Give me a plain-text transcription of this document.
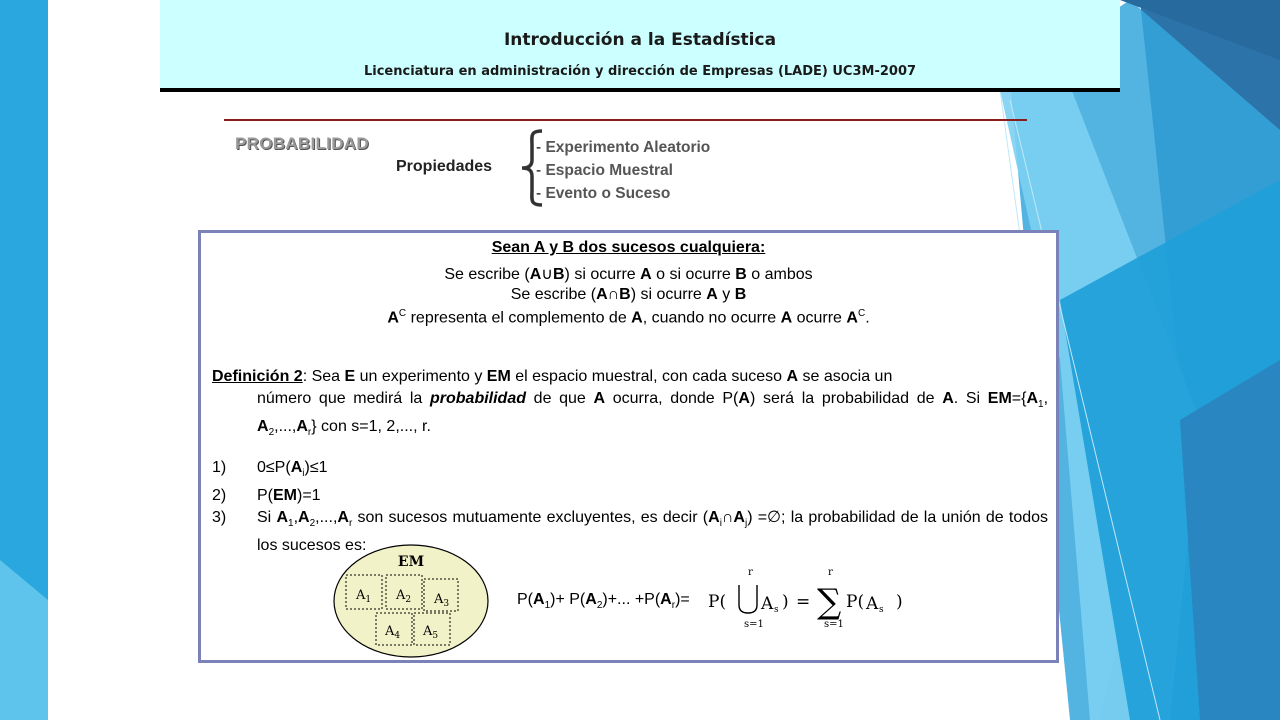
Introducción a la Estadística
Licenciatura en administración y dirección de Empresas (LADE) UC3M-2007
PROBABILIDAD
Propiedades
- Experimento Aleatorio
- Espacio Muestral
- Evento o Suceso
Sean A y B dos sucesos cualquiera:
Se escribe (A∪B) si ocurre A o si ocurre B o ambos
Se escribe (A∩B) si ocurre A y B
$A^C$ representa el complemento de A, cuando no ocurre A ocurre $A^C$.
Definición 2: Sea E un experimento y EM el espacio muestral, con cada suceso A se asocia un
número que medirá la probabilidad de que A ocurra, donde P(A) será la probabilidad de A. Si $EM=\{A_1$, $A_2,...,A_r$} con s=1, 2,..., r.
1) $0\le P(A_i)\le 1$
2) P(EM)=1
3) Si $A_1,A_2,...,A_r$ son sucesos mutuamente excluyentes, es decir $(A_i\cap A_j)$ =∅; la probabilidad de la unión de todos los sucesos es:
EM
$A_1$ $A_2$ $A_3$
$A_4$ $A_5$
$P(A_1)+ P(A_2)+$... $+P(A_r)=$
r
P( A s )
s=1
=
r
∑
s=1
P( A s )
